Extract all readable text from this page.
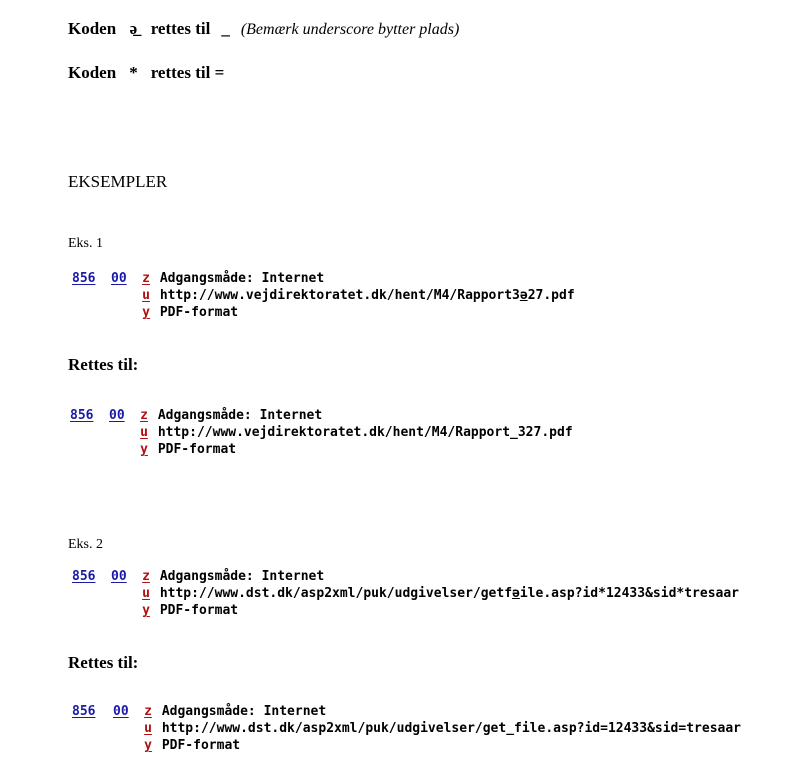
Koden ə̲ rettes til _ (Bemærk underscore bytter plads)
Koden * rettes til =
EKSEMPLER
Eks. 1
856 00 z Adgangsmåde: Internet
u http://www.vejdirektoratet.dk/hent/M4/Rapport3ə27.pdf
y PDF-format
Rettes til:
856 00 z Adgangsmåde: Internet
u http://www.vejdirektoratet.dk/hent/M4/Rapport_327.pdf
y PDF-format
Eks. 2
856 00 z Adgangsmåde: Internet
u http://www.dst.dk/asp2xml/puk/udgivelser/getfəile.asp?id*12433&sid*tresaar
y PDF-format
Rettes til:
856 00 z Adgangsmåde: Internet
u http://www.dst.dk/asp2xml/puk/udgivelser/get_file.asp?id=12433&sid=tresaar
y PDF-format
